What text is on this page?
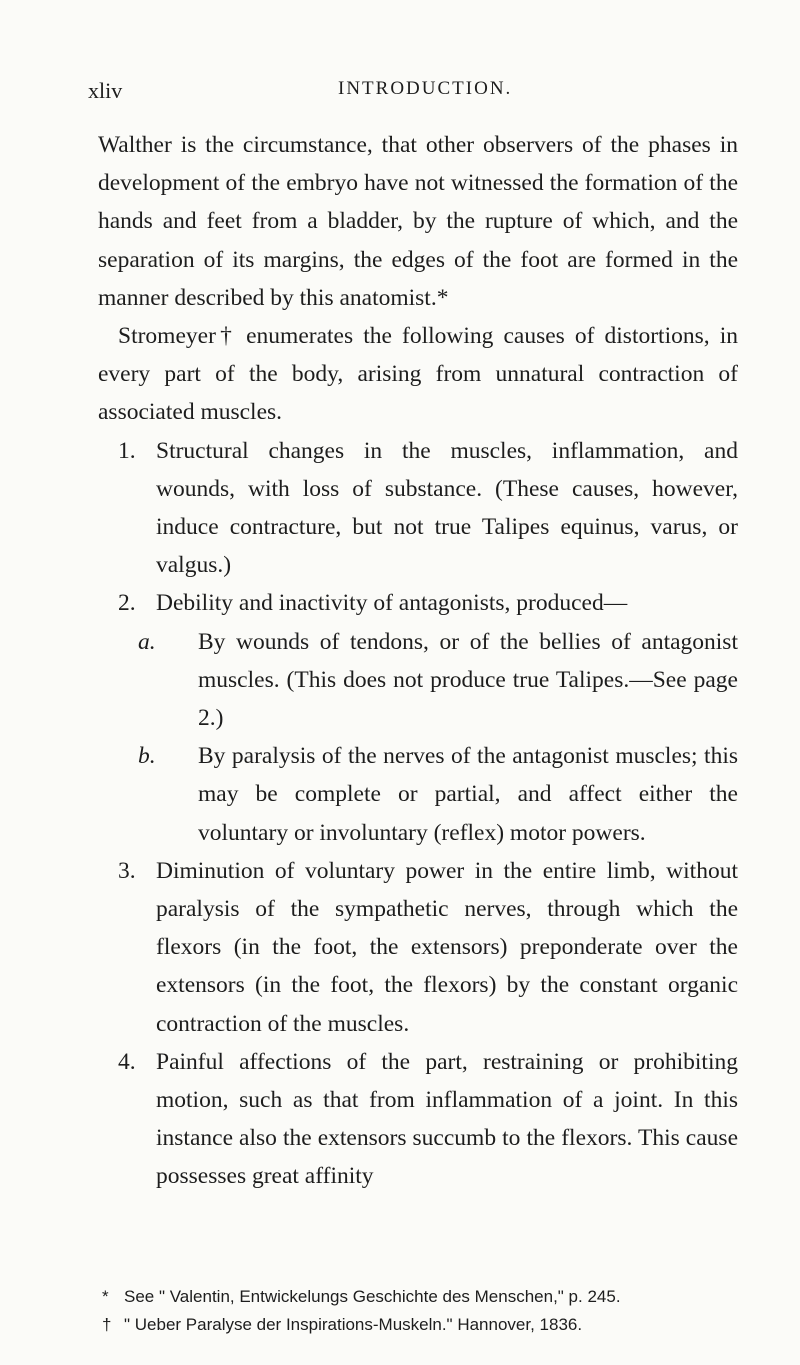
xliv	INTRODUCTION.

Walther is the circumstance, that other observers of the phases in development of the embryo have not witnessed the formation of the hands and feet from a bladder, by the rupture of which, and the separation of its margins, the edges of the foot are formed in the manner described by this anatomist.*

Stromeyer† enumerates the following causes of distortions, in every part of the body, arising from unnatural contraction of associated muscles.

1. Structural changes in the muscles, inflammation, and wounds, with loss of substance. (These causes, however, induce contracture, but not true Talipes equinus, varus, or valgus.)
2. Debility and inactivity of antagonists, produced—
a. By wounds of tendons, or of the bellies of antagonist muscles. (This does not produce true Talipes.—See page 2.)
b. By paralysis of the nerves of the antagonist muscles; this may be complete or partial, and affect either the voluntary or involuntary (reflex) motor powers.
3. Diminution of voluntary power in the entire limb, without paralysis of the sympathetic nerves, through which the flexors (in the foot, the extensors) preponderate over the extensors (in the foot, the flexors) by the constant organic contraction of the muscles.
4. Painful affections of the part, restraining or prohibiting motion, such as that from inflammation of a joint. In this instance also the extensors succumb to the flexors. This cause possesses great affinity
* See " Valentin, Entwickelungs Geschichte des Menschen," p. 245.
† " Ueber Paralyse der Inspirations-Muskeln." Hannover, 1836.
